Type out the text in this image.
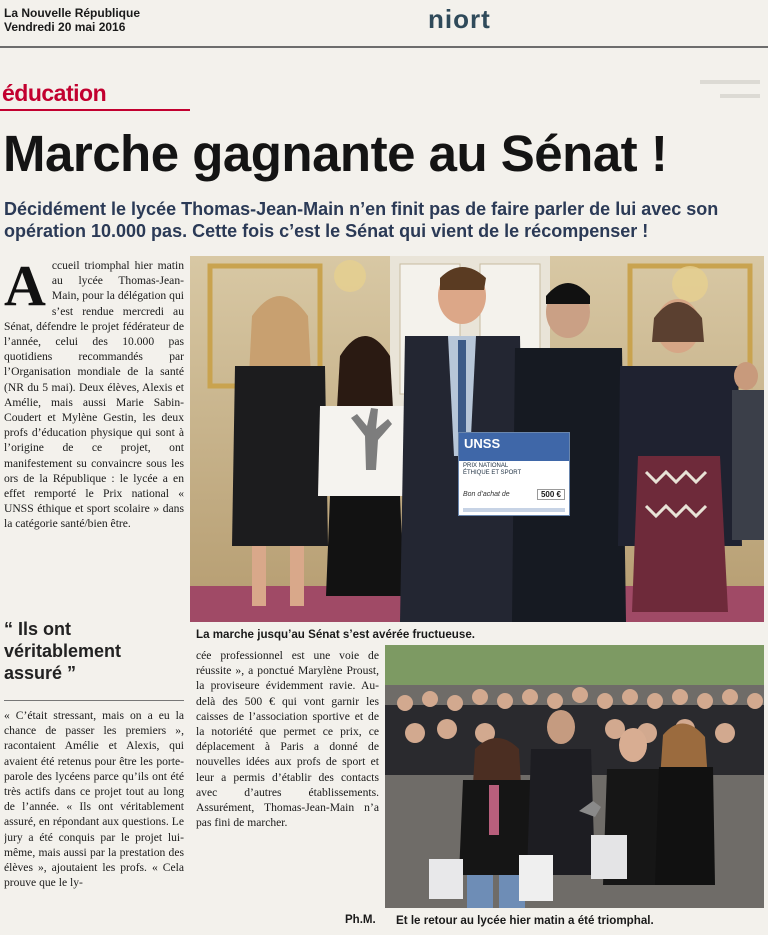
La Nouvelle République
Vendredi 20 mai 2016	niort
éducation
Marche gagnante au Sénat !
Décidément le lycée Thomas-Jean-Main n’en finit pas de faire parler de lui avec son opération 10.000 pas. Cette fois c’est le Sénat qui vient de le récompenser !
A ccueil triomphal hier matin au lycée Thomas-Jean-Main, pour la délégation qui s’est rendue mercredi au Sénat, défendre le projet fédérateur de l’année, celui des 10.000 pas quotidiens recommandés par l’Organisation mondiale de la santé (NR du 5 mai). Deux élèves, Alexis et Amélie, mais aussi Marie Sabin-Coudert et Mylène Gestin, les deux profs d’éducation physique qui sont à l’origine de ce projet, ont manifestement su convaincre sous les ors de la République : le lycée a en effet remporté le Prix national « UNSS éthique et sport scolaire » dans la catégorie santé/bien être.
“ Ils ont véritablement assuré ”
« C’était stressant, mais on a eu la chance de passer les premiers », racontaient Amélie et Alexis, qui avaient été retenus pour être les porte-parole des lycéens parce qu’ils ont été très actifs dans ce projet tout au long de l’année. « Ils ont véritablement assuré, en répondant aux questions. Le jury a été conquis par le projet lui-même, mais aussi par la prestation des élèves », ajoutaient les profs. « Cela prouve que le ly-
UNSS
PRIX NATIONAL
ÉTHIQUE ET SPORT
Bon d’achat de	500 €
La marche jusqu’au Sénat s’est avérée fructueuse.
cée professionnel est une voie de réussite », a ponctué Marylène Proust, la proviseure évidemment ravie. Au-delà des 500 € qui vont garnir les caisses de l’association sportive et de la notoriété que permet ce prix, ce déplacement à Paris a donné de nouvelles idées aux profs de sport et leur a permis d’établir des contacts avec d’autres établissements. Assurément, Thomas-Jean-Main n’a pas fini de marcher.
Ph.M. Et le retour au lycée hier matin a été triomphal.
